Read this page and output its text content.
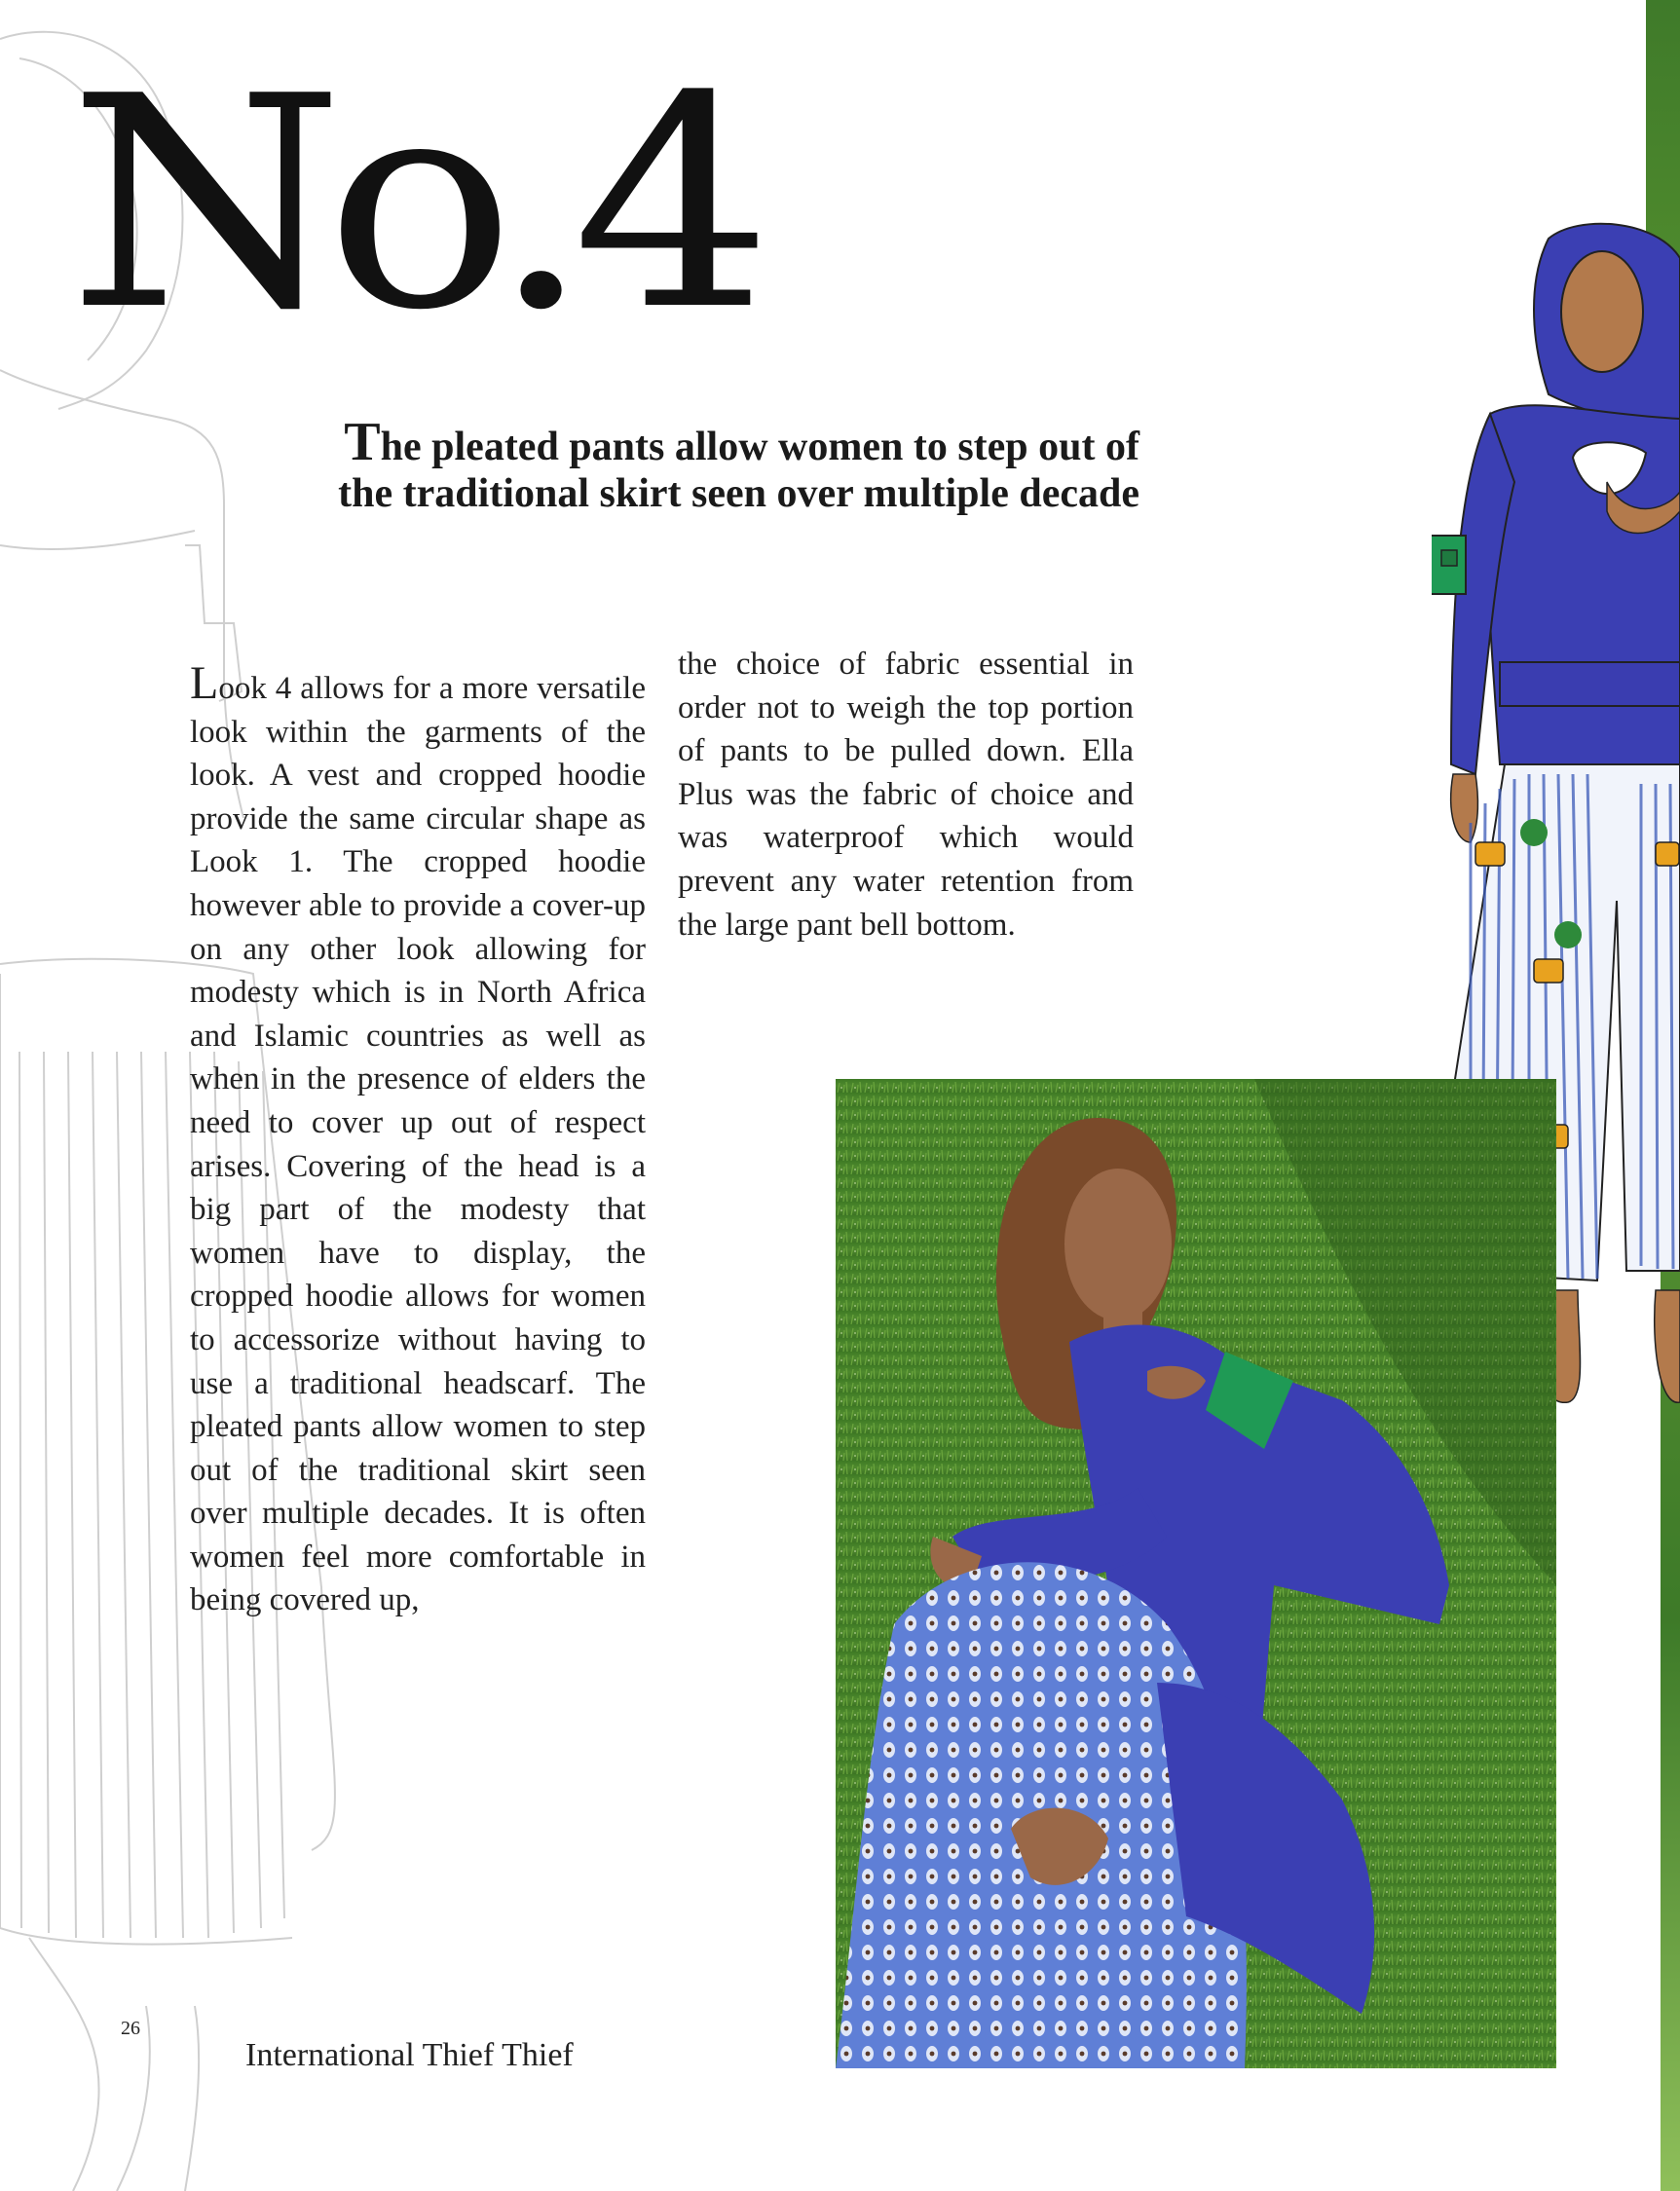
No.4
The pleated pants allow women to step out of
the traditional skirt seen over multiple decade
Look 4 allows for a more versatile look within the garments of the look. A vest and cropped hoodie provide the same circular shape as Look 1. The cropped hoodie however able to provide a cover-up on any other look allowing for modesty which is in North Africa and Islamic countries as well as when in the presence of elders the need to cover up out of respect arises. Covering of the head is a big part of the modesty that women have to display, the cropped hoodie allows for women to accessorize without having to use a traditional headscarf. The pleated pants allow women to step out of the traditional skirt seen over multiple decades. It is often women feel more comfortable in being covered up,
the choice of fabric essential in order not to weigh the top portion of pants to be pulled down. Ella Plus was the fabric of choice and was waterproof which would prevent any water retention from the large pant bell bottom.
26
International Thief Thief
